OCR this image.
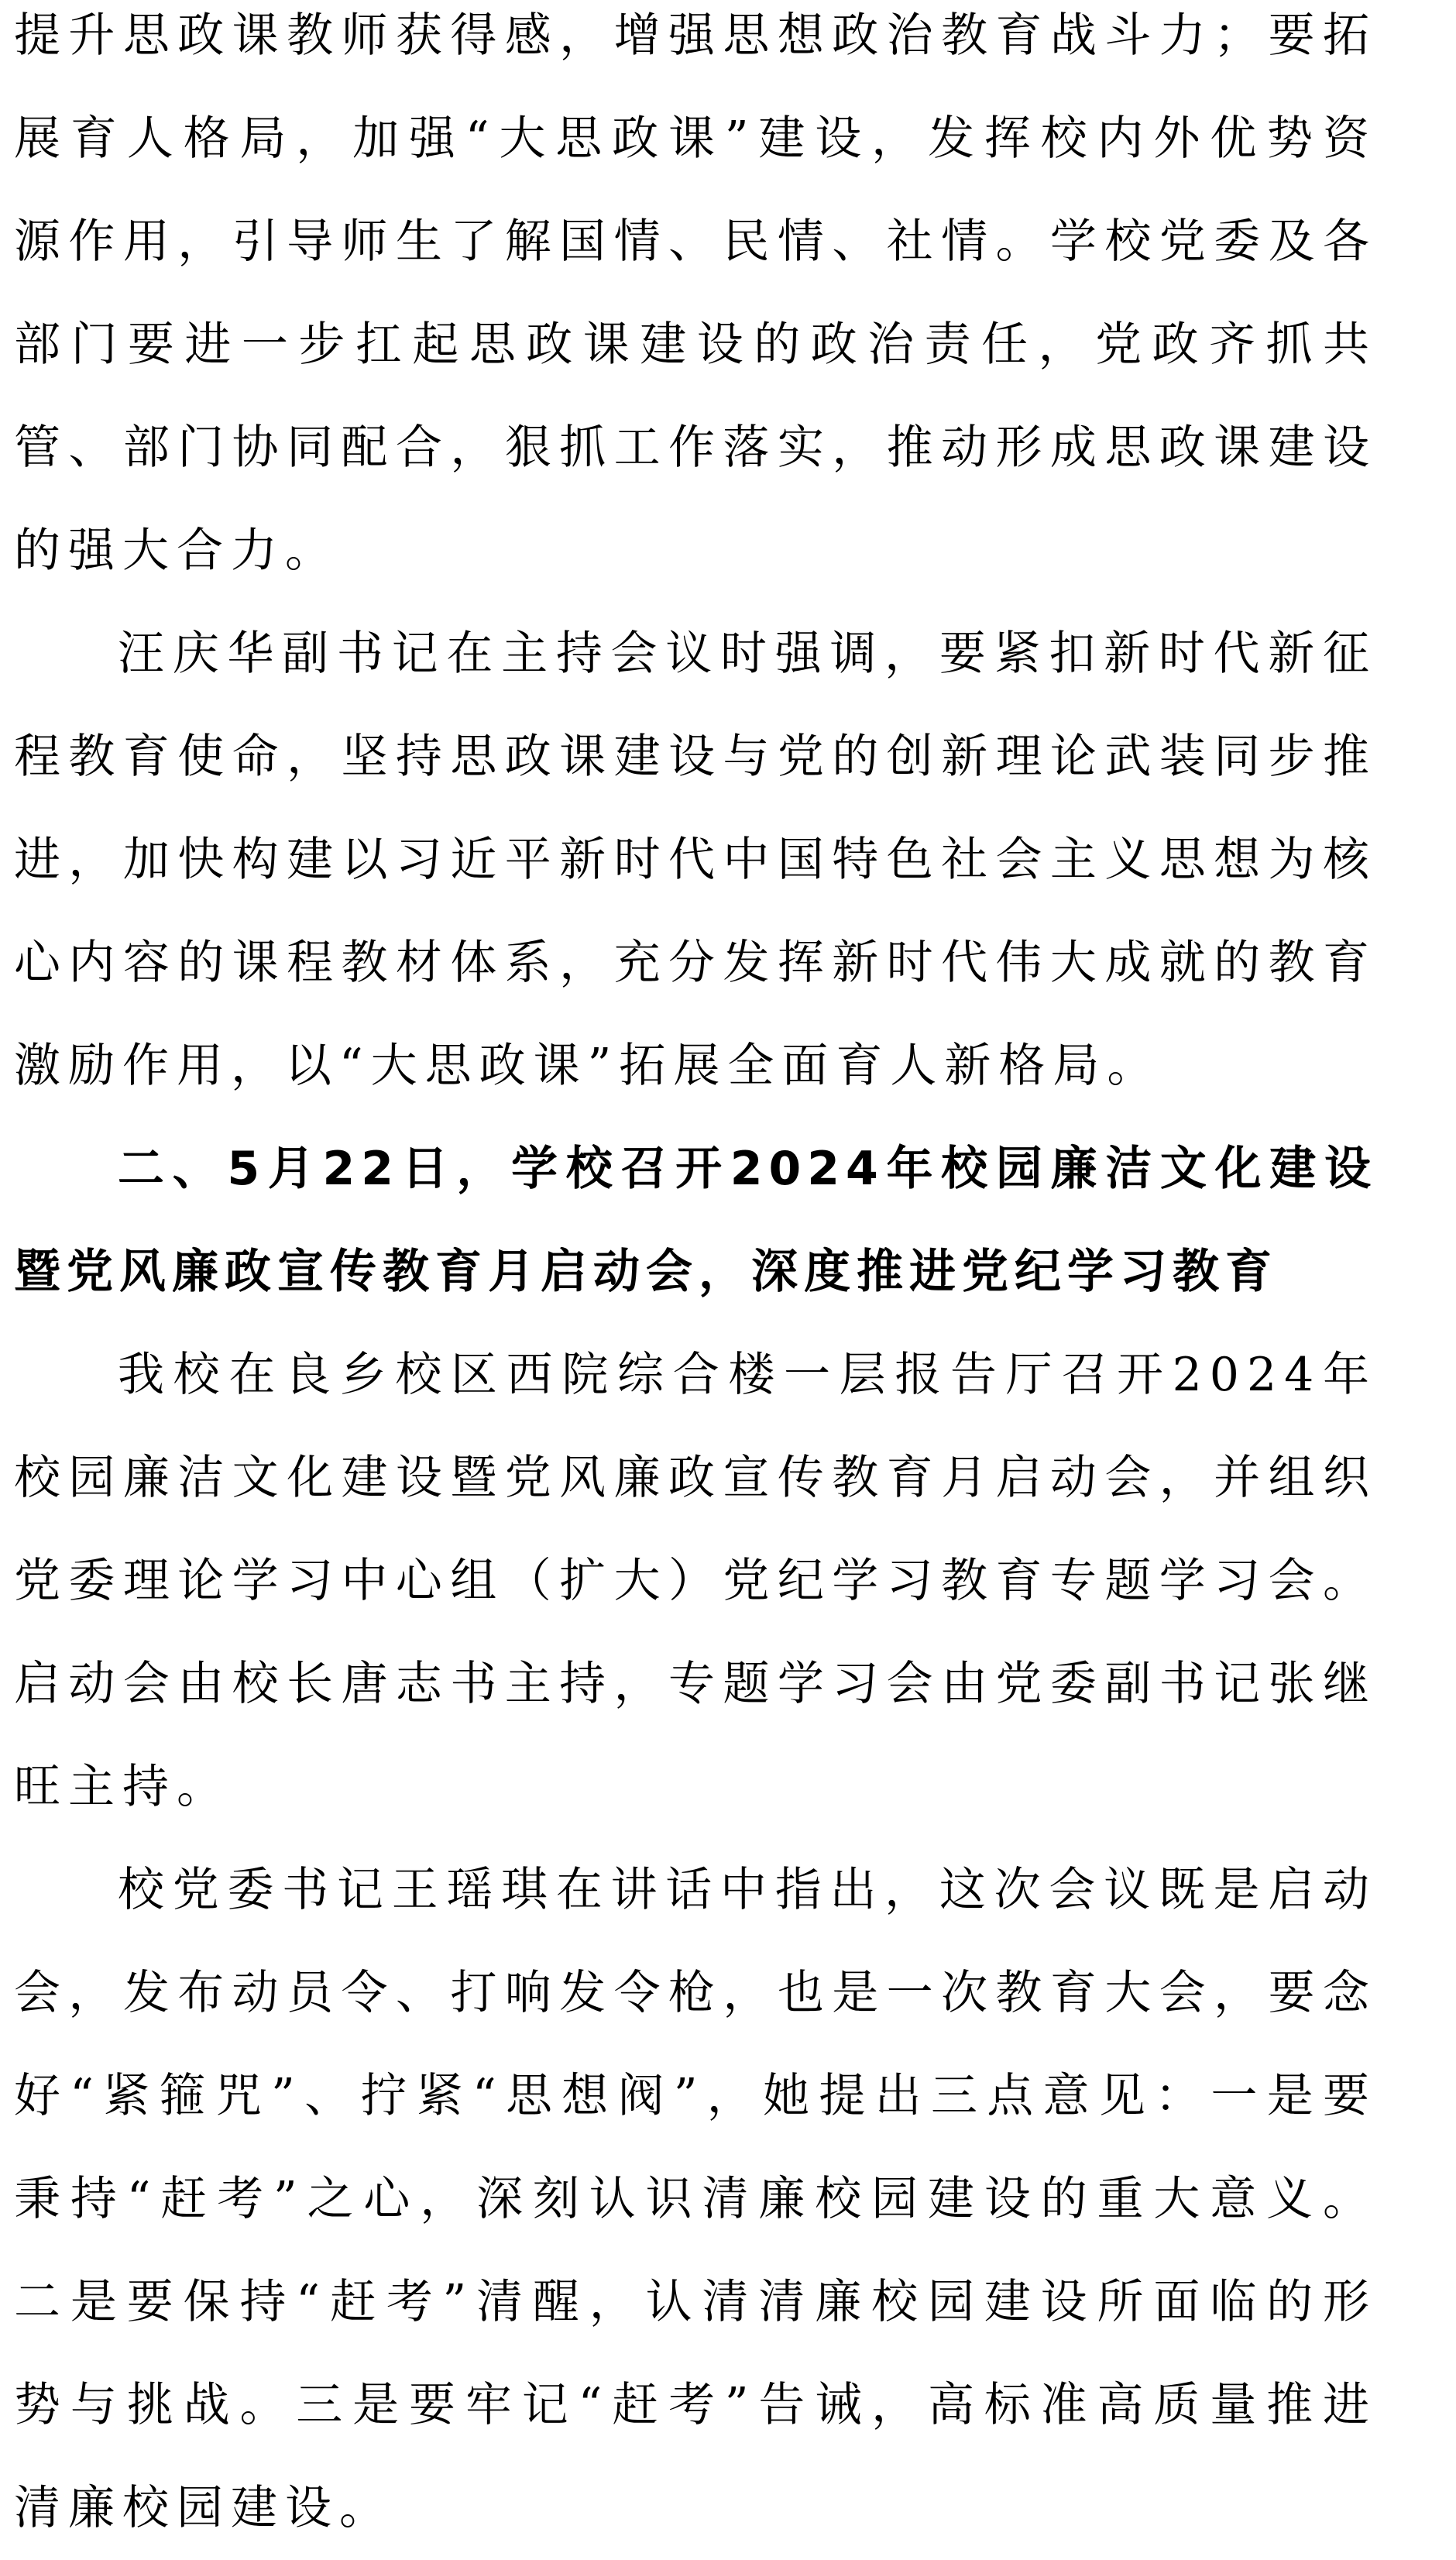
提升思政课教师获得感，增强思想政治教育战斗力；要拓展育人格局，加强“大思政课”建设，发挥校内外优势资源作用，引导师生了解国情、民情、社情。学校党委及各部门要进一步扛起思政课建设的政治责任，党政齐抓共管、部门协同配合，狠抓工作落实，推动形成思政课建设的强大合力。

汪庆华副书记在主持会议时强调，要紧扣新时代新征程教育使命，坚持思政课建设与党的创新理论武装同步推进，加快构建以习近平新时代中国特色社会主义思想为核心内容的课程教材体系，充分发挥新时代伟大成就的教育激励作用，以“大思政课”拓展全面育人新格局。

二、5月22日，学校召开2024年校园廉洁文化建设暨党风廉政宣传教育月启动会，深度推进党纪学习教育

我校在良乡校区西院综合楼一层报告厅召开2024年校园廉洁文化建设暨党风廉政宣传教育月启动会，并组织党委理论学习中心组（扩大）党纪学习教育专题学习会。启动会由校长唐志书主持，专题学习会由党委副书记张继旺主持。

校党委书记王瑶琪在讲话中指出，这次会议既是启动会，发布动员令、打响发令枪，也是一次教育大会，要念好“紧箍咒”、拧紧“思想阀”，她提出三点意见：一是要秉持“赶考”之心，深刻认识清廉校园建设的重大意义。二是要保持“赶考”清醒，认清清廉校园建设所面临的形势与挑战。三是要牢记“赶考”告诫，高标准高质量推进清廉校园建设。
